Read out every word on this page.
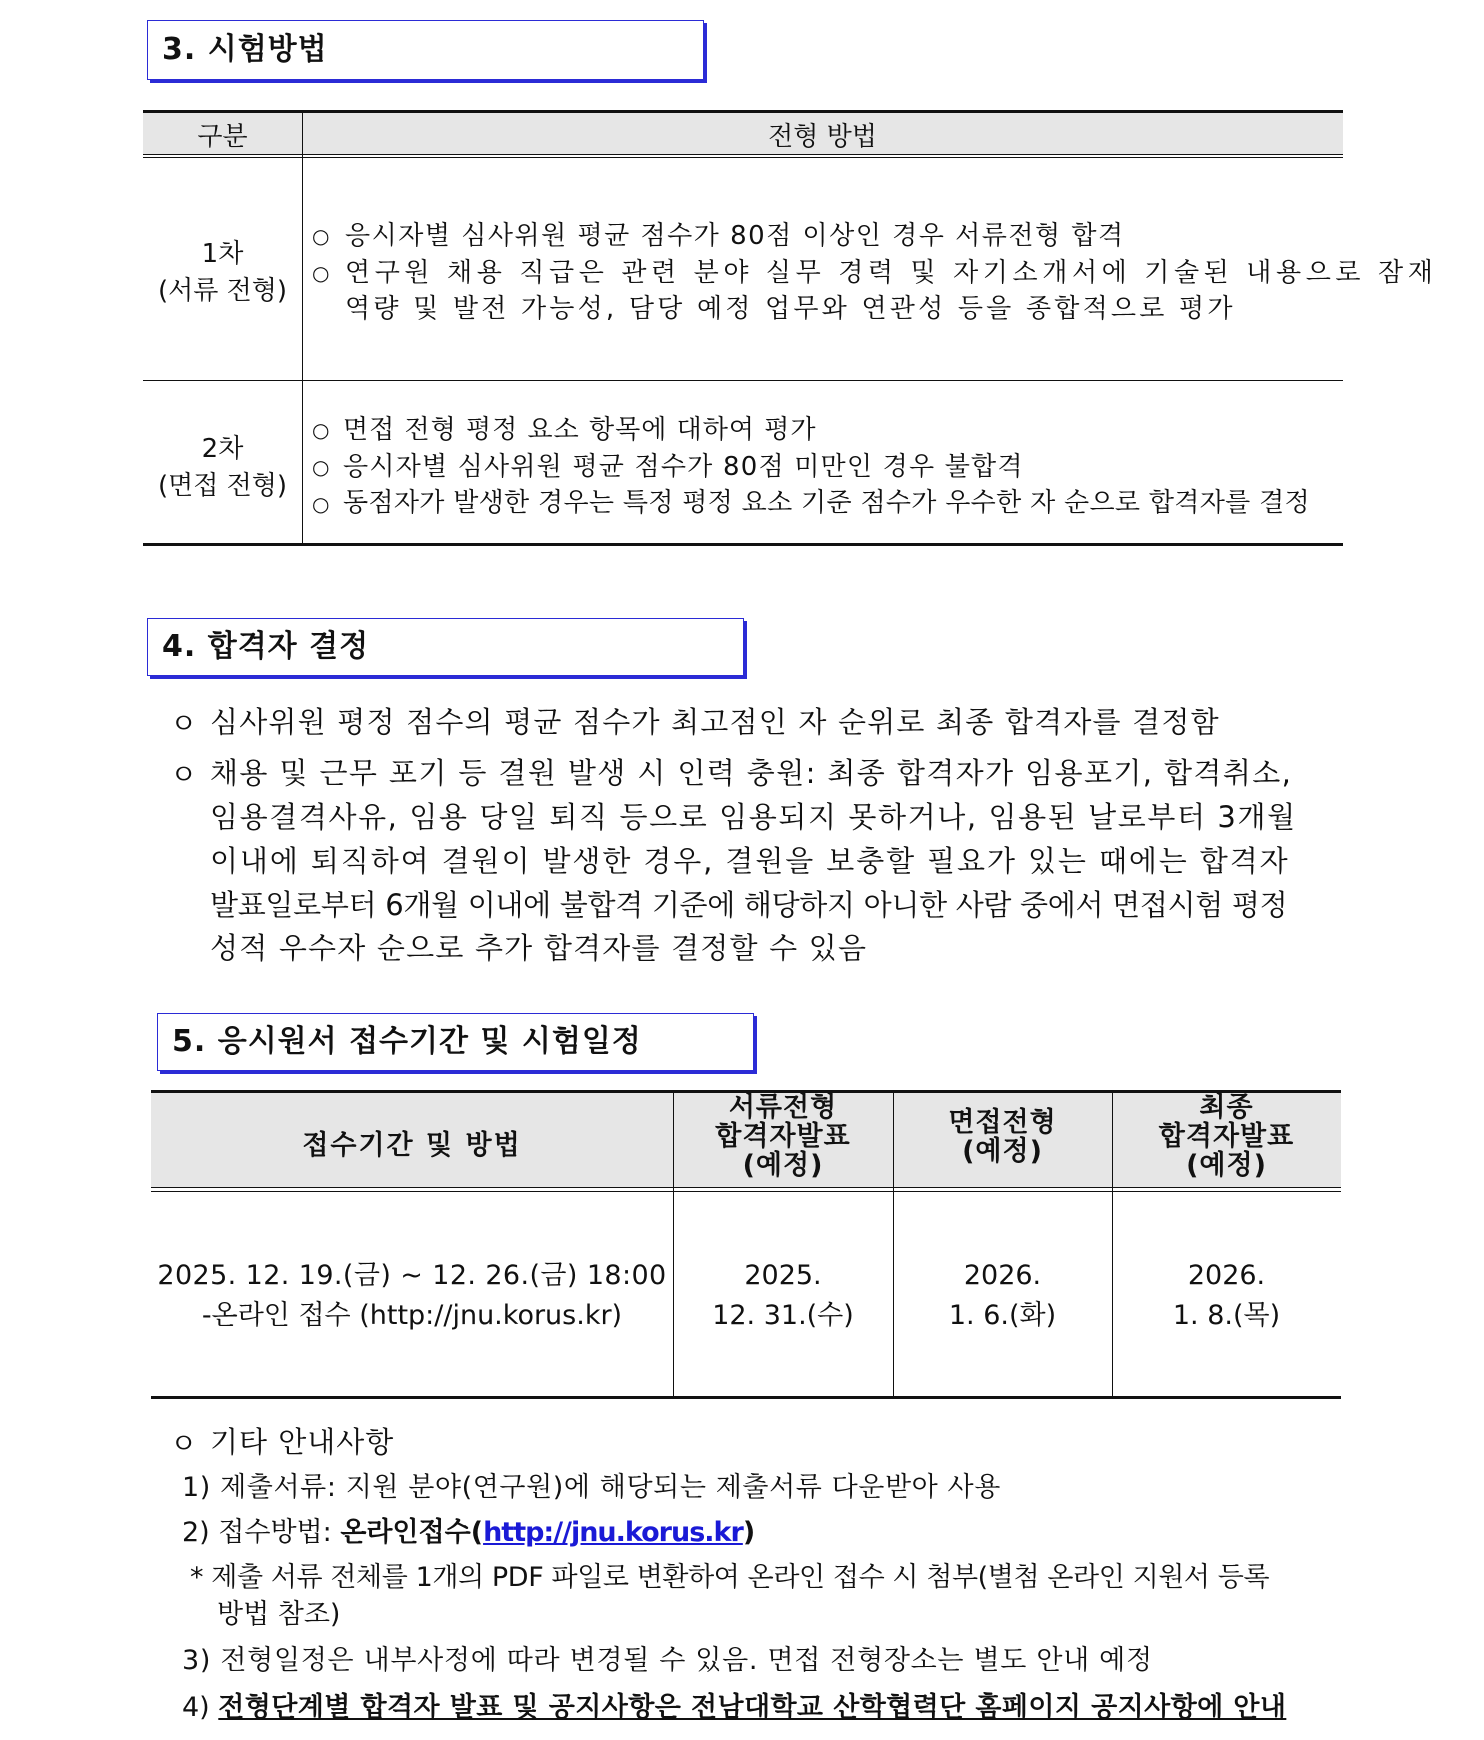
3. 시험방법
구분	전형 방법
1차
(서류 전형)
○ 응시자별 심사위원 평균 점수가 80점 이상인 경우 서류전형 합격
○ 연구원 채용 직급은 관련 분야 실무 경력 및 자기소개서에 기술된 내용으로 잠재
역량 및 발전 가능성, 담당 예정 업무와 연관성 등을 종합적으로 평가
2차
(면접 전형)
○ 면접 전형 평정 요소 항목에 대하여 평가
○ 응시자별 심사위원 평균 점수가 80점 미만인 경우 불합격
○ 동점자가 발생한 경우는 특정 평정 요소 기준 점수가 우수한 자 순으로 합격자를 결정
4. 합격자 결정
ㅇ 심사위원 평정 점수의 평균 점수가 최고점인 자 순위로 최종 합격자를 결정함
ㅇ 채용 및 근무 포기 등 결원 발생 시 인력 충원: 최종 합격자가 임용포기, 합격취소,
임용결격사유, 임용 당일 퇴직 등으로 임용되지 못하거나, 임용된 날로부터 3개월
이내에 퇴직하여 결원이 발생한 경우, 결원을 보충할 필요가 있는 때에는 합격자
발표일로부터 6개월 이내에 불합격 기준에 해당하지 아니한 사람 중에서 면접시험 평정
성적 우수자 순으로 추가 합격자를 결정할 수 있음
5. 응시원서 접수기간 및 시험일정
접수기간 및 방법
서류전형
합격자발표
(예정)
면접전형
(예정)
최종
합격자발표
(예정)
2025. 12. 19.(금) ~ 12. 26.(금) 18:00
-온라인 접수 (http://jnu.korus.kr)
2025.
12. 31.(수)
2026.
1. 6.(화)
2026.
1. 8.(목)
ㅇ 기타 안내사항
1) 제출서류: 지원 분야(연구원)에 해당되는 제출서류 다운받아 사용
2) 접수방법: 온라인접수(http://jnu.korus.kr)
* 제출 서류 전체를 1개의 PDF 파일로 변환하여 온라인 접수 시 첨부(별첨 온라인 지원서 등록
방법 참조)
3) 전형일정은 내부사정에 따라 변경될 수 있음. 면접 전형장소는 별도 안내 예정
4) 전형단계별 합격자 발표 및 공지사항은 전남대학교 산학협력단 홈페이지 공지사항에 안내
